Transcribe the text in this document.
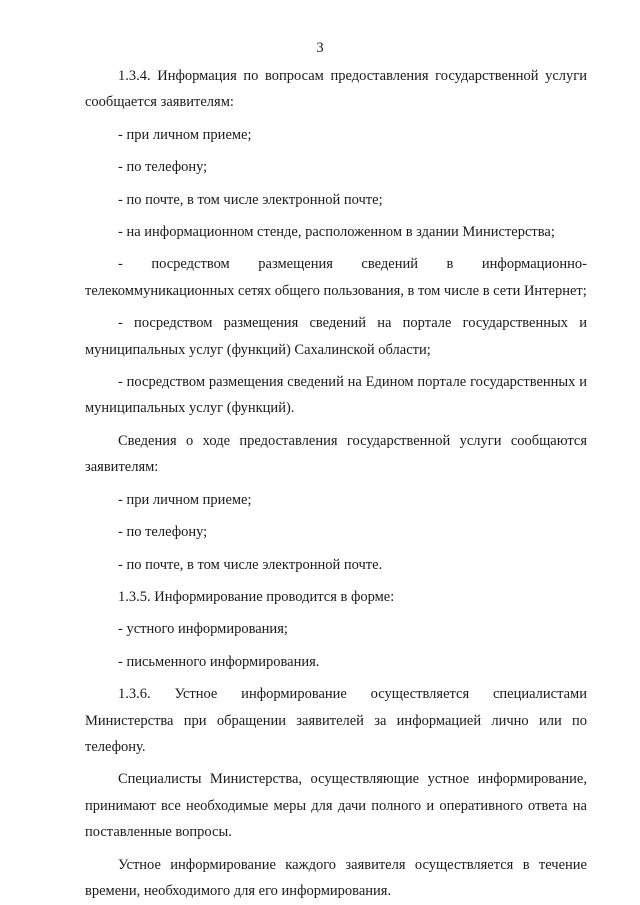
3

1.3.4. Информация по вопросам предоставления государственной услуги сообщается заявителям:

- при личном приеме;

- по телефону;

- по почте, в том числе электронной почте;

- на информационном стенде, расположенном в здании Министерства;

- посредством размещения сведений в информационно-телекоммуникационных сетях общего пользования, в том числе в сети Интернет;

- посредством размещения сведений на портале государственных и муниципальных услуг (функций) Сахалинской области;

- посредством размещения сведений на Едином портале государственных и муниципальных услуг (функций).

Сведения о ходе предоставления государственной услуги сообщаются заявителям:

- при личном приеме;

- по телефону;

- по почте, в том числе электронной почте.

1.3.5. Информирование проводится в форме:

- устного информирования;

- письменного информирования.

1.3.6. Устное информирование осуществляется специалистами Министерства при обращении заявителей за информацией лично или по телефону.

Специалисты Министерства, осуществляющие устное информирование, принимают все необходимые меры для дачи полного и оперативного ответа на поставленные вопросы.

Устное информирование каждого заявителя осуществляется в течение времени, необходимого для его информирования.
